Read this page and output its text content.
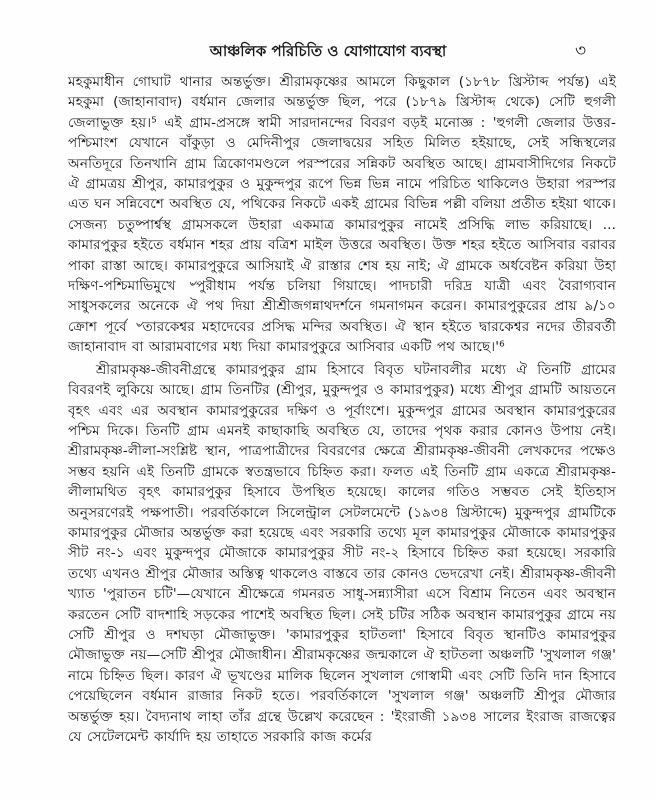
আঞ্চলিক পরিচিতি ও যোগাযোগ ব্যবস্থা	৩

মহকুমাধীন গোঘাট থানার অন্তর্ভুক্ত। শ্রীরামকৃষ্ণের আমলে কিছুকাল (১৮৭৮ খ্রিস্টাব্দ পর্যন্ত) এই মহকুমা (জাহানাবাদ) বর্ধমান জেলার অন্তর্ভুক্ত ছিল, পরে (১৮৭৯ খ্রিস্টাব্দ থেকে) সেটি হুগলী জেলাভুক্ত হয়।⁵ এই গ্রাম-প্রসঙ্গে স্বামী সারদানন্দের বিবরণ বড়ই মনোজ্ঞ : 'হুগলী জেলার উত্তর-পশ্চিমাংশ যেখানে বাঁকুড়া ও মেদিনীপুর জেলাদ্বয়ের সহিত মিলিত হইয়াছে, সেই সন্ধিস্থলের অনতিদূরে তিনখানি গ্রাম ত্রিকোণমণ্ডলে পরস্পরের সন্নিকট অবস্থিত আছে। গ্রামবাসীদিগের নিকটে ঐ গ্রামত্রয় শ্রীপুর, কামারপুকুর ও মুকুন্দপুর রূপে ভিন্ন ভিন্ন নামে পরিচিত থাকিলেও উহারা পরস্পর এত ঘন সন্নিবেশে অবস্থিত যে, পথিকের নিকটে একই গ্রামের বিভিন্ন পল্লী বলিয়া প্রতীত হইয়া থাকে। সেজন্য চতুষ্পার্শ্বস্থ গ্রামসকলে উহারা একমাত্র কামারপুকুর নামেই প্রসিদ্ধি লাভ করিয়াছে। ... কামারপুকুর হইতে বর্ধমান শহর প্রায় বত্রিশ মাইল উত্তরে অবস্থিত। উক্ত শহর হইতে আসিবার বরাবর পাকা রাস্তা আছে। কামারপুকুরে আসিয়াই ঐ রাস্তার শেষ হয় নাই; ঐ গ্রামকে অর্ধবেষ্টন করিয়া উহা দক্ষিণ-পশ্চিমাভিমুখে ৺পুরীধাম পর্যন্ত চলিয়া গিয়াছে। পাদচারী দরিদ্র যাত্রী এবং বৈরাগ্যবান সাধুসকলের অনেকে ঐ পথ দিয়া শ্রীশ্রীজগন্নাথদর্শনে গমনাগমন করেন। কামারপুকুরের প্রায় ৯/১০ ক্রোশ পূর্বে ৺তারকেশ্বর মহাদেবের প্রসিদ্ধ মন্দির অবস্থিত। ঐ স্থান হইতে দ্বারকেশ্বর নদের তীরবর্তী জাহানাবাদ বা আরামবাগের মধ্য দিয়া কামারপুকুরে আসিবার একটি পথ আছে।'⁶

শ্রীরামকৃষ্ণ-জীবনীগ্রন্থে কামারপুকুর গ্রাম হিসাবে বিবৃত ঘটনাবলীর মধ্যে ঐ তিনটি গ্রামের বিবরণই লুকিয়ে আছে। গ্রাম তিনটির (শ্রীপুর, মুকুন্দপুর ও কামারপুকুর) মধ্যে শ্রীপুর গ্রামটি আয়তনে বৃহৎ এবং এর অবস্থান কামারপুকুরের দক্ষিণ ও পূর্বাংশে। মুকুন্দপুর গ্রামের অবস্থান কামারপুকুরের পশ্চিম দিকে। তিনটি গ্রাম এমনই কাছাকাছি অবস্থিত যে, তাদের পৃথক করার কোনও উপায় নেই। শ্রীরামকৃষ্ণ-লীলা-সংশ্লিষ্ট স্থান, পাত্রপাত্রীদের বিবরণের ক্ষেত্রে শ্রীরামকৃষ্ণ-জীবনী লেখকদের পক্ষেও সম্ভব হয়নি এই তিনটি গ্রামকে স্বতন্ত্রভাবে চিহ্নিত করা। ফলত এই তিনটি গ্রাম একত্রে শ্রীরামকৃষ্ণ-লীলামথিত বৃহৎ কামারপুকুর হিসাবে উপস্থিত হয়েছে। কালের গতিও সম্ভবত সেই ইতিহাস অনুসরণেরই পক্ষপাতী। পরবর্তিকালে সিলেন্ট্রাল সেটলমেন্টে (১৯৩৪ খ্রিস্টাব্দে) মুকুন্দপুর গ্রামটিকে কামারপুকুর মৌজার অন্তর্ভুক্ত করা হয়েছে এবং সরকারি তথ্যে মূল কামারপুকুর মৌজাকে কামারপুকুর সীট নং-১ এবং মুকুন্দপুর মৌজাকে কামারপুকুর সীট নং-২ হিসাবে চিহ্নিত করা হয়েছে। সরকারি তথ্যে এখনও শ্রীপুর মৌজার অস্তিত্ব থাকলেও বাস্তবে তার কোনও ভেদরেখা নেই। শ্রীরামকৃষ্ণ-জীবনী খ্যাত 'পুরাতন চটি'—যেখানে শ্রীক্ষেত্রে গমনরত সাধু-সন্ন্যাসীরা এসে বিশ্রাম নিতেন এবং অবস্থান করতেন সেটি বাদশাহি সড়কের পাশেই অবস্থিত ছিল। সেই চটির সঠিক অবস্থান কামারপুকুর গ্রামে নয় সেটি শ্রীপুর ও দশঘড়া মৌজাভুক্ত। 'কামারপুকুর হাটতলা' হিসাবে বিবৃত স্থানটিও কামারপুকুর মৌজাভুক্ত নয়—সেটি শ্রীপুর মৌজাধীন। শ্রীরামকৃষ্ণের জন্মকালে ঐ হাটতলা অঞ্চলটি 'সুখলাল গঞ্জ' নামে চিহ্নিত ছিল। কারণ ঐ ভূখণ্ডের মালিক ছিলেন সুখলাল গোস্বামী এবং সেটি তিনি দান হিসাবে পেয়েছিলেন বর্ধমান রাজার নিকট হতে। পরবর্তিকালে 'সুখলাল গঞ্জ' অঞ্চলটি শ্রীপুর মৌজার অন্তর্ভুক্ত হয়। বৈদ্যনাথ লাহা তাঁর গ্রন্থে উল্লেখ করেছেন : 'ইংরাজী ১৯৩৪ সালের ইংরাজ রাজত্বের যে সেটেলমেন্ট কার্যাদি হয় তাহাতে সরকারি কাজ কর্মের
